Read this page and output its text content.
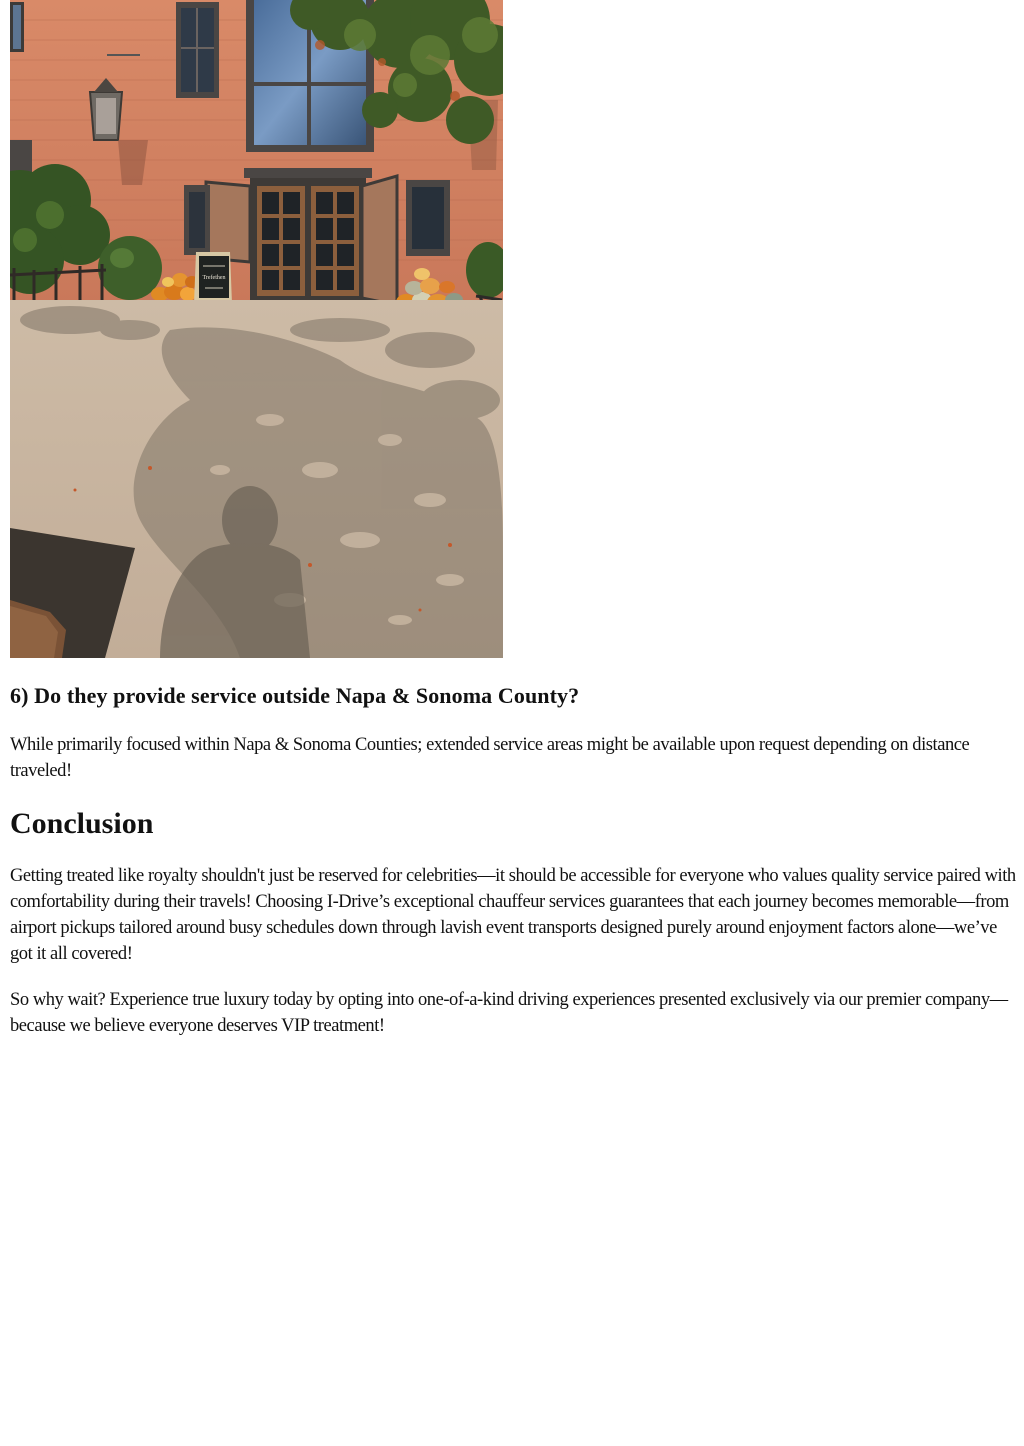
Trefethen
6) Do they provide service outside Napa & Sonoma County?

While primarily focused within Napa & Sonoma Counties; extended service areas might be available upon request depending on distance traveled!

Conclusion

Getting treated like royalty shouldn't just be reserved for celebrities—it should be accessible for everyone who values quality service paired with comfortability during their travels! Choosing I-Drive’s exceptional chauffeur services guarantees that each journey becomes memorable—from airport pickups tailored around busy schedules down through lavish event transports designed purely around enjoyment factors alone—we’ve got it all covered!

So why wait? Experience true luxury today by opting into one-of-a-kind driving experiences presented exclusively via our premier company—because we believe everyone deserves VIP treatment!
